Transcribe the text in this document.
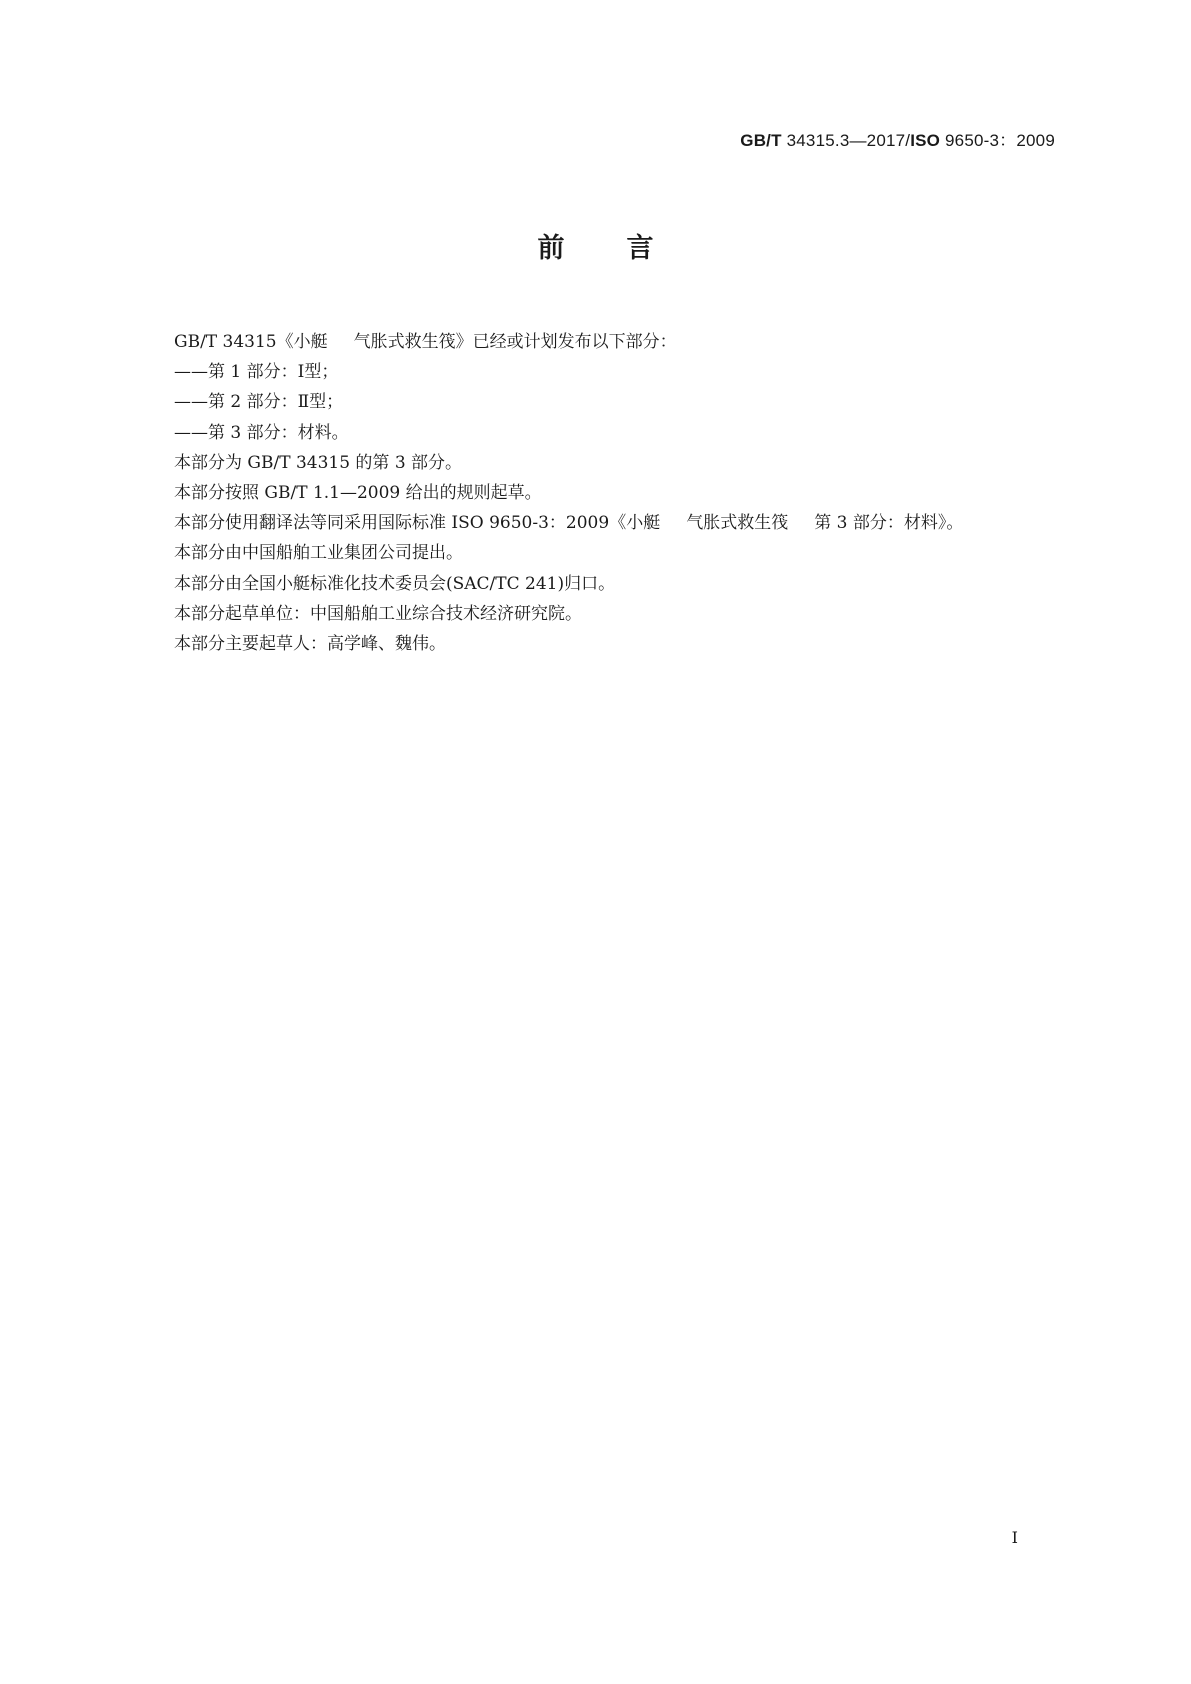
GB/T 34315.3—2017/ISO 9650-3：2009
前言

GB/T 34315《小艇 气胀式救生筏》已经或计划发布以下部分：

——第 1 部分：Ⅰ型；

——第 2 部分：Ⅱ型；

——第 3 部分：材料。

本部分为 GB/T 34315 的第 3 部分。

本部分按照 GB/T 1.1—2009 给出的规则起草。

本部分使用翻译法等同采用国际标准 ISO 9650-3：2009《小艇 气胀式救生筏 第 3 部分：材料》。

本部分由中国船舶工业集团公司提出。

本部分由全国小艇标准化技术委员会(SAC/TC 241)归口。

本部分起草单位：中国船舶工业综合技术经济研究院。

本部分主要起草人：高学峰、魏伟。

Ⅰ
